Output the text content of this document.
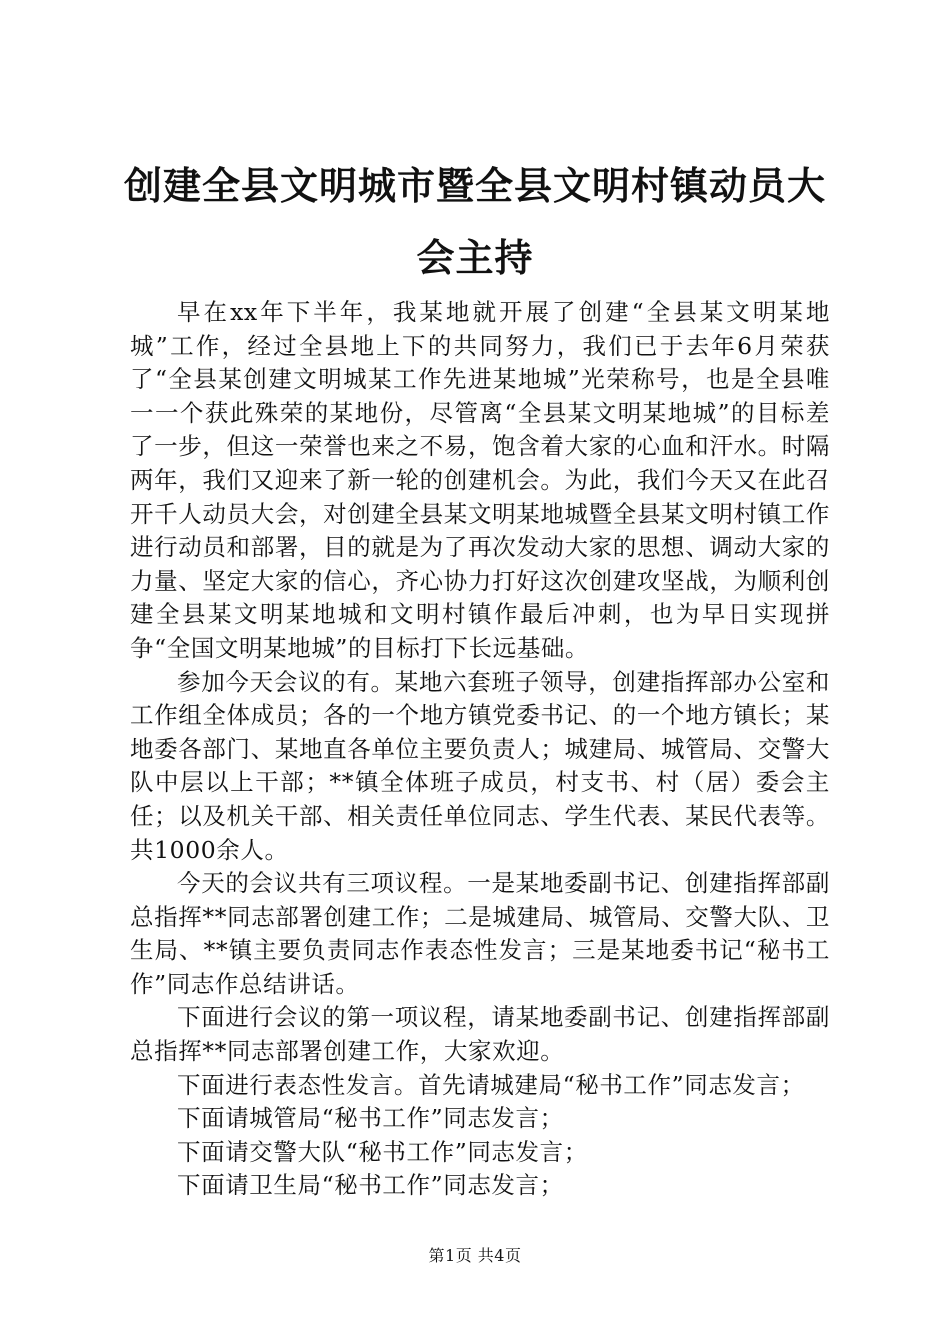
创建全县文明城市暨全县文明村镇动员大会主持

早在xx年下半年，我某地就开展了创建“全县某文明某地城”工作，经过全县地上下的共同努力，我们已于去年6月荣获了“全县某创建文明城某工作先进某地城”光荣称号，也是全县唯一一个获此殊荣的某地份，尽管离“全县某文明某地城”的目标差了一步，但这一荣誉也来之不易，饱含着大家的心血和汗水。时隔两年，我们又迎来了新一轮的创建机会。为此，我们今天又在此召开千人动员大会，对创建全县某文明某地城暨全县某文明村镇工作进行动员和部署，目的就是为了再次发动大家的思想、调动大家的力量、坚定大家的信心，齐心协力打好这次创建攻坚战，为顺利创建全县某文明某地城和文明村镇作最后冲刺，也为早日实现拼争“全国文明某地城”的目标打下长远基础。

参加今天会议的有。某地六套班子领导，创建指挥部办公室和工作组全体成员；各的一个地方镇党委书记、的一个地方镇长；某地委各部门、某地直各单位主要负责人；城建局、城管局、交警大队中层以上干部；**镇全体班子成员，村支书、村（居）委会主任；以及机关干部、相关责任单位同志、学生代表、某民代表等。共1000余人。

今天的会议共有三项议程。一是某地委副书记、创建指挥部副总指挥**同志部署创建工作；二是城建局、城管局、交警大队、卫生局、**镇主要负责同志作表态性发言；三是某地委书记“秘书工作”同志作总结讲话。

下面进行会议的第一项议程，请某地委副书记、创建指挥部副总指挥**同志部署创建工作，大家欢迎。

下面进行表态性发言。首先请城建局“秘书工作”同志发言；

下面请城管局“秘书工作”同志发言；

下面请交警大队“秘书工作”同志发言；

下面请卫生局“秘书工作”同志发言；

第1页 共4页
